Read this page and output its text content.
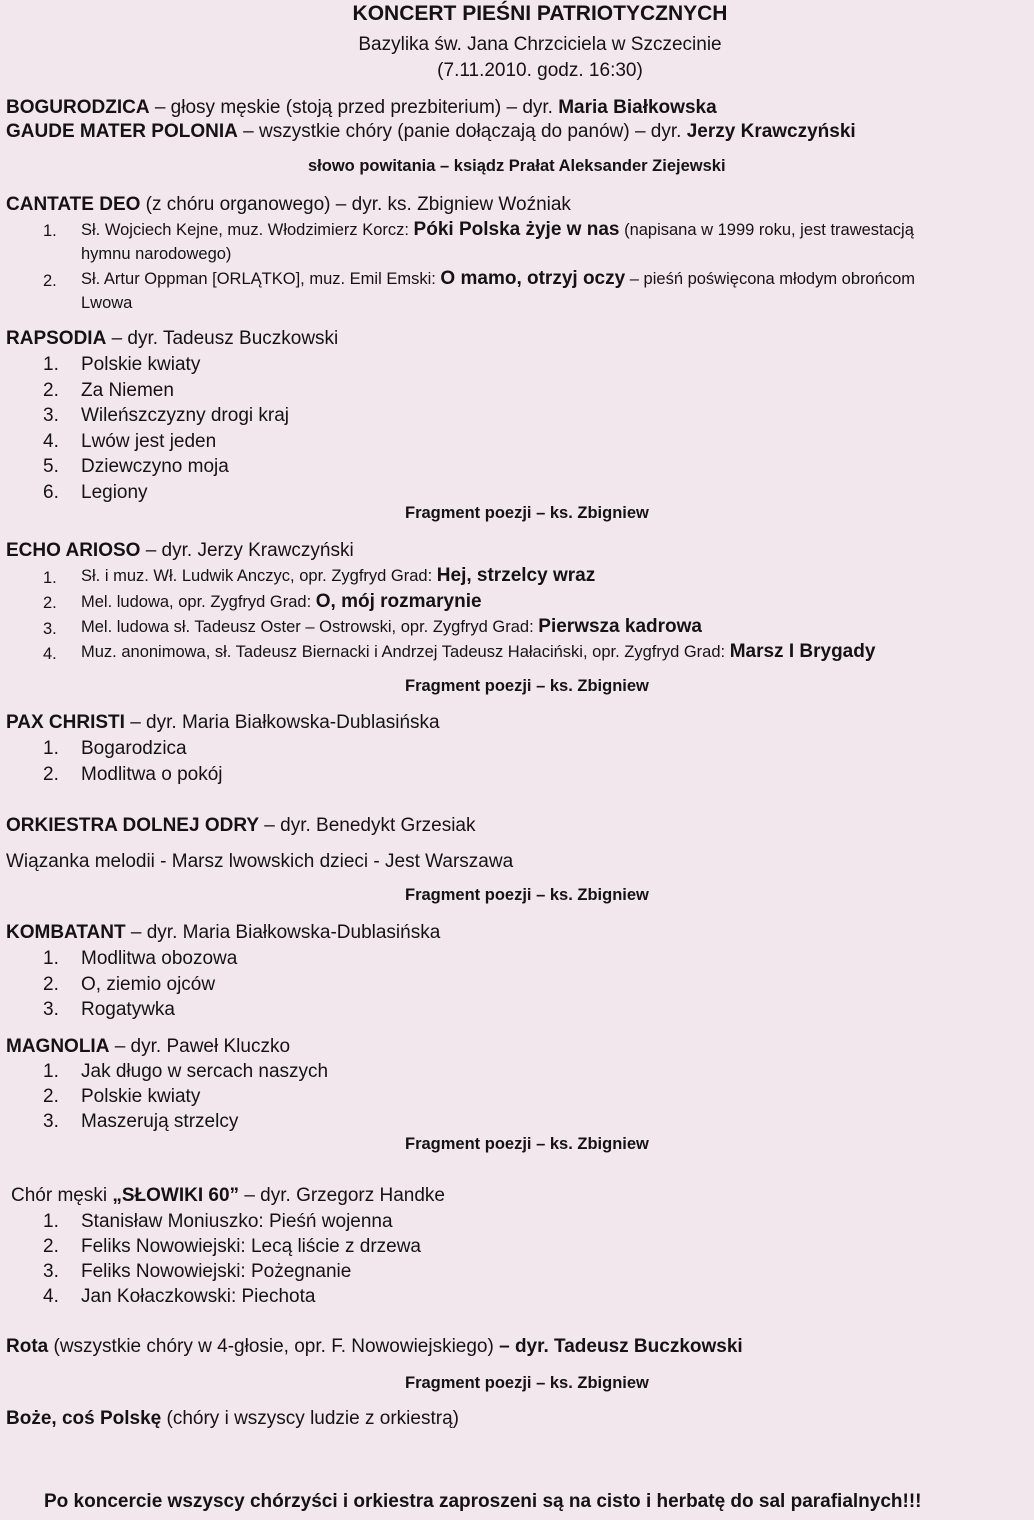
KONCERT PIEŚNI PATRIOTYCZNYCH
Bazylika św. Jana Chrzciciela w Szczecinie
(7.11.2010. godz. 16:30)
BOGURODZICA – głosy męskie (stoją przed prezbiterium) – dyr. Maria Białkowska
GAUDE MATER POLONIA – wszystkie chóry (panie dołączają do panów) – dyr. Jerzy Krawczyński
słowo powitania – ksiądz Prałat Aleksander Ziejewski
CANTATE DEO (z chóru organowego) – dyr. ks. Zbigniew Woźniak
1. Sł. Wojciech Kejne, muz. Włodzimierz Korcz: Póki Polska żyje w nas (napisana w 1999 roku, jest trawestacją
hymnu narodowego)
2. Sł. Artur Oppman [ORLĄTKO], muz. Emil Emski: O mamo, otrzyj oczy – pieśń poświęcona młodym obrońcom
Lwowa
RAPSODIA – dyr. Tadeusz Buczkowski
1.	Polskie kwiaty
2.	Za Niemen
3.	Wileńszczyzny drogi kraj
4.	Lwów jest jeden
5.	Dziewczyno moja
6.	Legiony
Fragment poezji – ks. Zbigniew
ECHO ARIOSO – dyr. Jerzy Krawczyński
1. Sł. i muz. Wł. Ludwik Anczyc, opr. Zygfryd Grad: Hej, strzelcy wraz
2. Mel. ludowa, opr. Zygfryd Grad: O, mój rozmarynie
3. Mel. ludowa sł. Tadeusz Oster – Ostrowski, opr. Zygfryd Grad: Pierwsza kadrowa
4. Muz. anonimowa, sł. Tadeusz Biernacki i Andrzej Tadeusz Hałaciński, opr. Zygfryd Grad: Marsz I Brygady
Fragment poezji – ks. Zbigniew
PAX CHRISTI – dyr. Maria Białkowska-Dublasińska
1.	Bogarodzica
2.	Modlitwa o pokój
ORKIESTRA DOLNEJ ODRY – dyr. Benedykt Grzesiak
Wiązanka melodii - Marsz lwowskich dzieci - Jest Warszawa
Fragment poezji – ks. Zbigniew
KOMBATANT – dyr. Maria Białkowska-Dublasińska
1.	Modlitwa obozowa
2.	O, ziemio ojców
3.	Rogatywka
MAGNOLIA – dyr. Paweł Kluczko
1.	Jak długo w sercach naszych
2.	Polskie kwiaty
3.	Maszerują strzelcy
Fragment poezji – ks. Zbigniew
Chór męski „SŁOWIKI 60” – dyr. Grzegorz Handke
1.	Stanisław Moniuszko: Pieśń wojenna
2.	Feliks Nowowiejski: Lecą liście z drzewa
3.	Feliks Nowowiejski: Pożegnanie
4.	Jan Kołaczkowski: Piechota
Rota (wszystkie chóry w 4-głosie, opr. F. Nowowiejskiego) – dyr. Tadeusz Buczkowski
Fragment poezji – ks. Zbigniew
Boże, coś Polskę (chóry i wszyscy ludzie z orkiestrą)
Po koncercie wszyscy chórzyści i orkiestra zaproszeni są na cisto i herbatę do sal parafialnych!!!
